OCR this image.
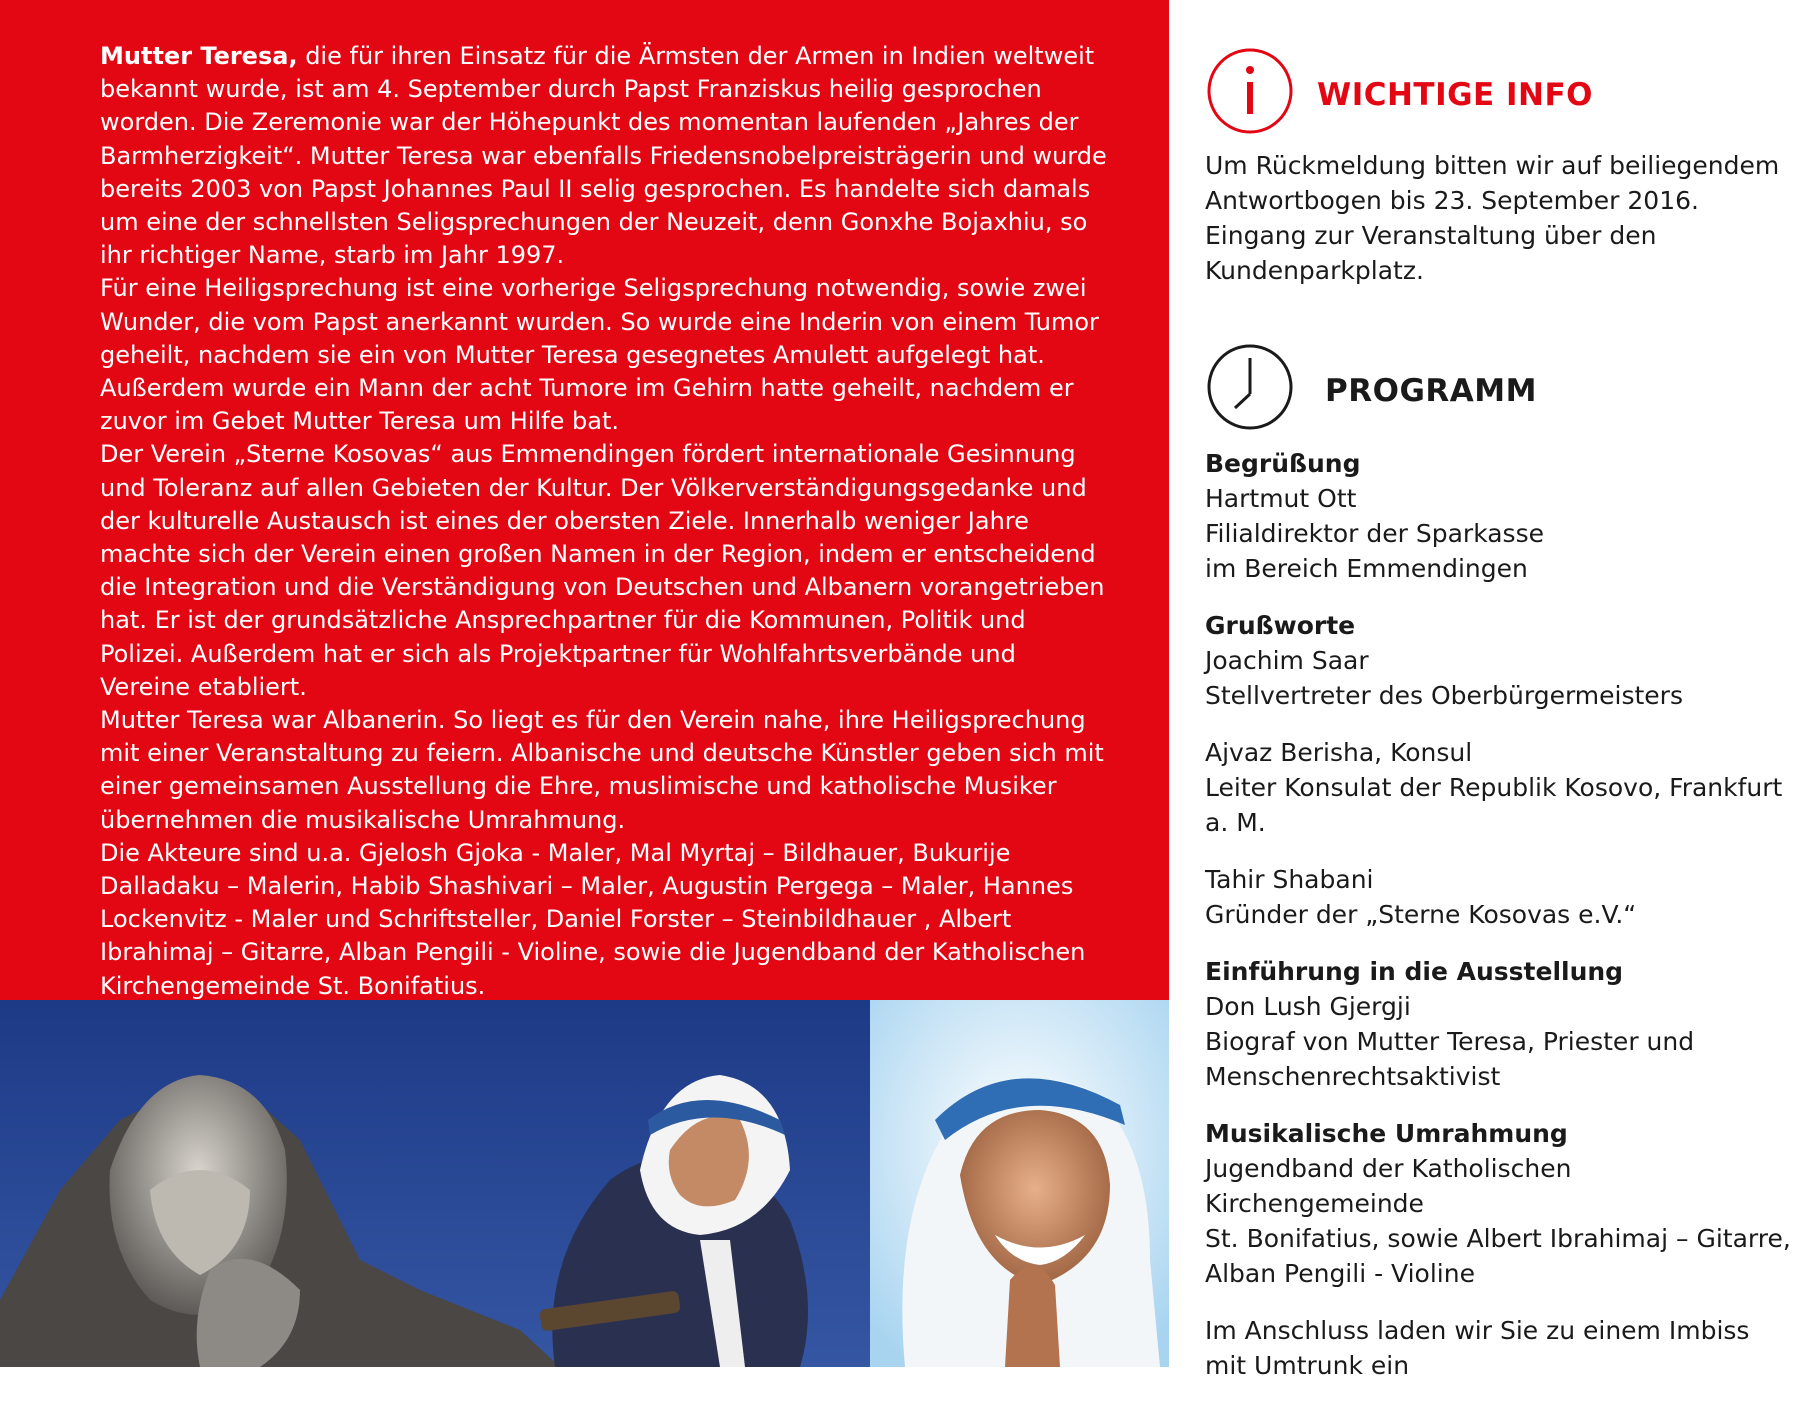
Mutter Teresa, die für ihren Einsatz für die Ärmsten der Armen in Indien weltweit bekannt wurde, ist am 4. September durch Papst Franziskus heilig gesprochen worden. Die Zeremonie war der Höhepunkt des momentan laufenden „Jahres der Barmherzigkeit“. Mutter Teresa war ebenfalls Friedensnobelpreisträgerin und wurde bereits 2003 von Papst Johannes Paul II selig gesprochen. Es handelte sich damals um eine der schnellsten Seligsprechungen der Neuzeit, denn Gonxhe Bojaxhiu, so ihr richtiger Name, starb im Jahr 1997.

Für eine Heiligsprechung ist eine vorherige Seligsprechung notwendig, sowie zwei Wunder, die vom Papst anerkannt wurden. So wurde eine Inderin von einem Tumor geheilt, nachdem sie ein von Mutter Teresa gesegnetes Amulett aufgelegt hat. Außerdem wurde ein Mann der acht Tumore im Gehirn hatte geheilt, nachdem er zuvor im Gebet Mutter Teresa um Hilfe bat.

Der Verein „Sterne Kosovas“ aus Emmendingen fördert internationale Gesinnung und Toleranz auf allen Gebieten der Kultur. Der Völkerverständigungsgedanke und der kulturelle Austausch ist eines der obersten Ziele. Innerhalb weniger Jahre machte sich der Verein einen großen Namen in der Region, indem er entscheidend die Integration und die Verständigung von Deutschen und Albanern vorangetrieben hat. Er ist der grundsätzliche Ansprechpartner für die Kommunen, Politik und Polizei. Außerdem hat er sich als Projektpartner für Wohlfahrtsverbände und Vereine etabliert.

Mutter Teresa war Albanerin. So liegt es für den Verein nahe, ihre Heiligsprechung mit einer Veranstaltung zu feiern. Albanische und deutsche Künstler geben sich mit einer gemeinsamen Ausstellung die Ehre, muslimische und katholische Musiker übernehmen die musikalische Umrahmung.

Die Akteure sind u.a. Gjelosh Gjoka - Maler, Mal Myrtaj – Bildhauer, Bukurije Dalladaku – Malerin, Habib Shashivari – Maler, Augustin Pergega – Maler, Hannes Lockenvitz - Maler und Schriftsteller, Daniel Forster – Steinbildhauer , Albert Ibrahimaj – Gitarre, Alban Pengili - Violine, sowie die Jugendband der Katholischen Kirchengemeinde St. Bonifatius.

WICHTIGE INFO

Um Rückmeldung bitten wir auf beiliegendem

Antwortbogen bis 23. September 2016.

Eingang zur Veranstaltung über den

Kundenparkplatz.

PROGRAMM
Begrüßung
Hartmut Ott
Filialdirektor der Sparkasse
im Bereich Emmendingen
Grußworte
Joachim Saar
Stellvertreter des Oberbürgermeisters
Ajvaz Berisha, Konsul
Leiter Konsulat der Republik Kosovo, Frankfurt a. M.
Tahir Shabani
Gründer der „Sterne Kosovas e.V.“
Einführung in die Ausstellung
Don Lush Gjergji
Biograf von Mutter Teresa, Priester und
Menschenrechtsaktivist
Musikalische Umrahmung
Jugendband der Katholischen Kirchengemeinde
St. Bonifatius, sowie Albert Ibrahimaj – Gitarre,
Alban Pengili - Violine
Im Anschluss laden wir Sie zu einem Imbiss
mit Umtrunk ein
